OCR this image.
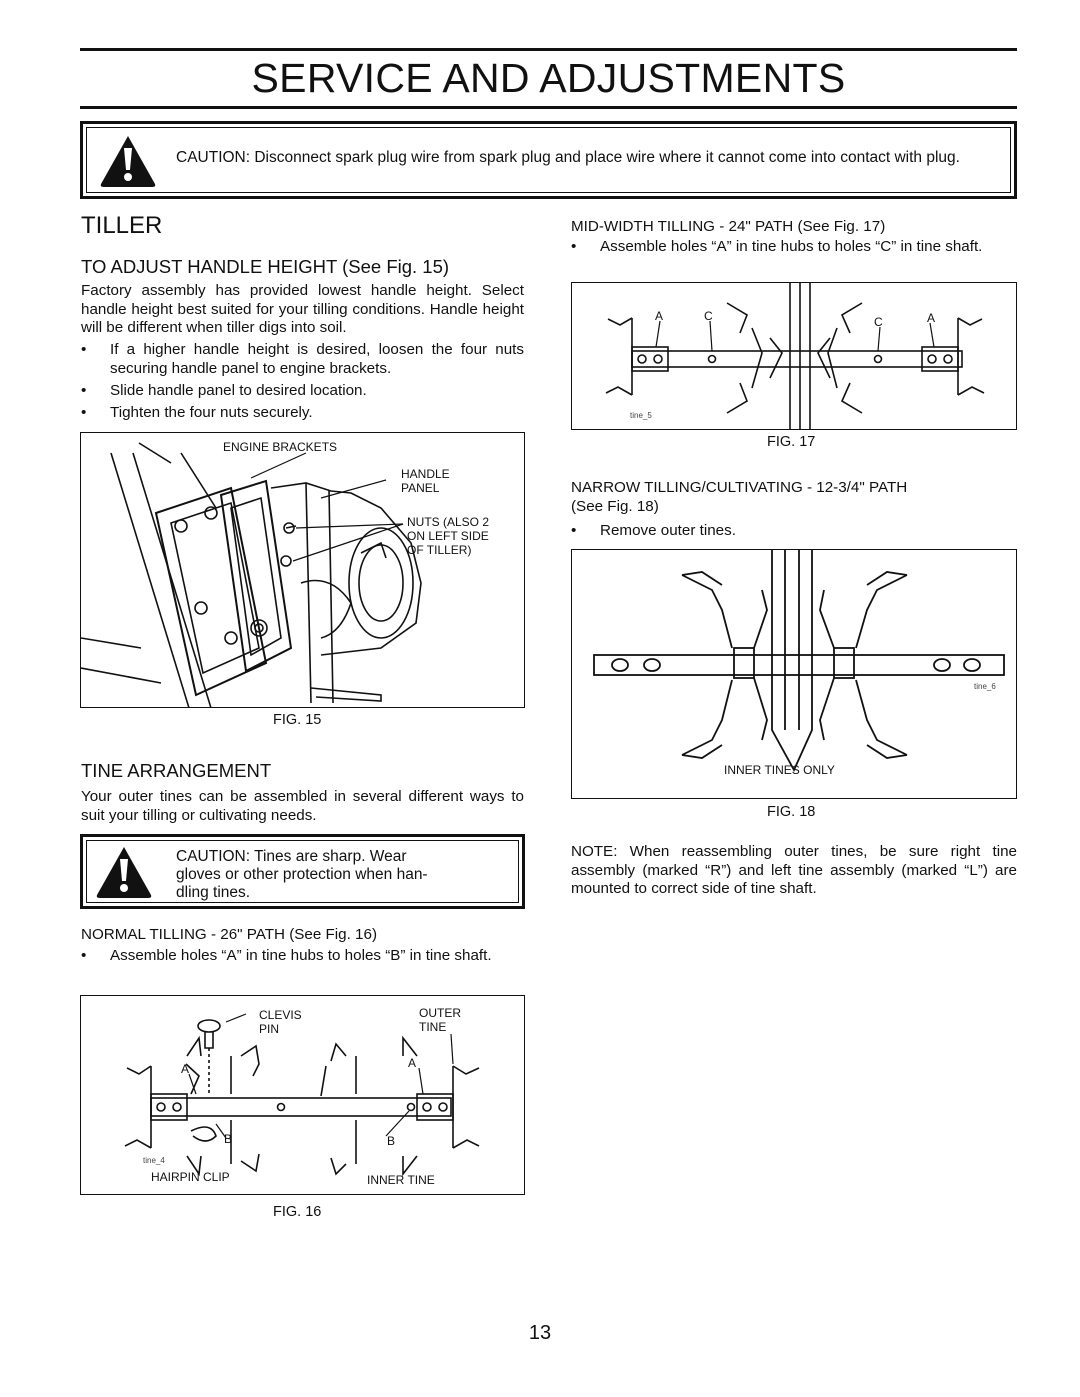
SERVICE AND ADJUSTMENTS
CAUTION: Disconnect spark plug wire from spark plug and place wire where it cannot come into contact with plug.
TILLER
TO ADJUST HANDLE HEIGHT (See Fig. 15)
Factory assembly has provided lowest handle height. Select handle height best suited for your tilling conditions. Handle height will be different when tiller digs into soil.
• If a higher handle height is desired, loosen the four nuts securing handle panel to engine brackets.
• Slide handle panel to desired location.
• Tighten the four nuts securely.
ENGINE BRACKETS
HANDLE
PANEL
NUTS (ALSO 2
ON LEFT SIDE
OF TILLER)
FIG. 15
TINE ARRANGEMENT
Your outer tines can be assembled in several different ways to suit your tilling or cultivating needs.
CAUTION: Tines are sharp. Wear
gloves or other protection when han-
dling tines.
NORMAL TILLING - 26" PATH (See Fig. 16)
• Assemble holes “A” in tine hubs to holes “B” in tine shaft.
CLEVIS
PIN
OUTER
TINE
A	A
B	B
tine_4
HAIRPIN CLIP	INNER TINE
FIG. 16
MID-WIDTH TILLING - 24" PATH (See Fig. 17)
• Assemble holes “A” in tine hubs to holes “C” in tine shaft.
A	C	C	A
tine_5
FIG. 17
NARROW TILLING/CULTIVATING - 12-3/4" PATH
(See Fig. 18)
• Remove outer tines.
tine_6
INNER TINES ONLY
FIG. 18
NOTE: When reassembling outer tines, be sure right tine assembly (marked “R”) and left tine assembly (marked “L”) are mounted to correct side of tine shaft.
13
